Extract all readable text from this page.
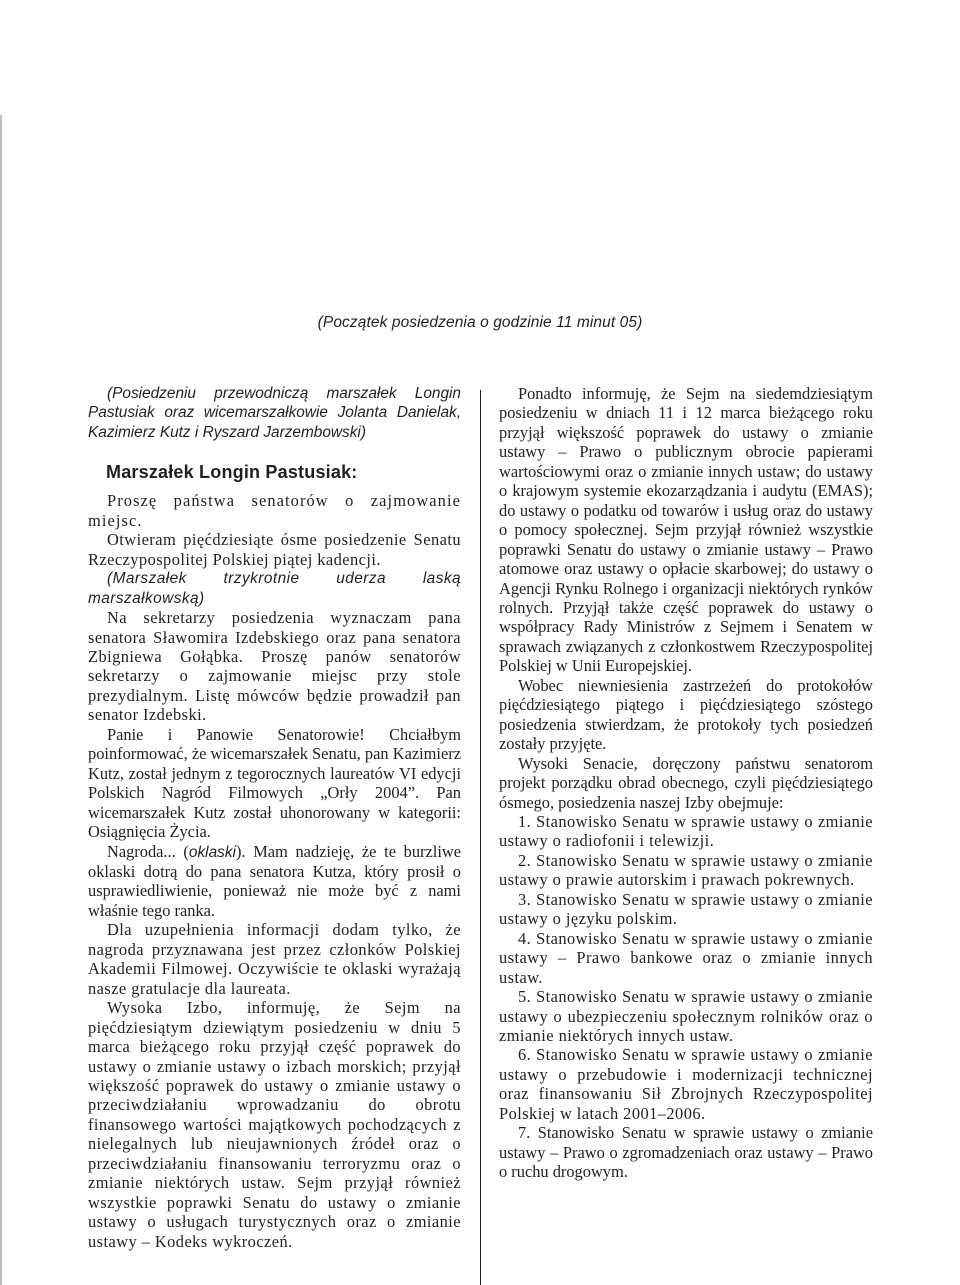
(Początek posiedzenia o godzinie 11 minut 05)

(Posiedzeniu przewodniczą marszałek Longin Pastusiak oraz wicemarszałkowie Jolanta Danielak, Kazimierz Kutz i Ryszard Jarzembowski)

Marszałek Longin Pastusiak:

Proszę państwa senatorów o zajmowanie miejsc.

Otwieram pięćdziesiąte ósme posiedzenie Senatu Rzeczypospolitej Polskiej piątej kadencji.

(Marszałek trzykrotnie uderza laską marszałkowską)

Na sekretarzy posiedzenia wyznaczam pana senatora Sławomira Izdebskiego oraz pana senatora Zbigniewa Gołąbka. Proszę panów senatorów sekretarzy o zajmowanie miejsc przy stole prezydialnym. Listę mówców będzie prowadził pan senator Izdebski.

Panie i Panowie Senatorowie! Chciałbym poinformować, że wicemarszałek Senatu, pan Kazimierz Kutz, został jednym z tegorocznych laureatów VI edycji Polskich Nagród Filmowych „Orły 2004”. Pan wicemarszałek Kutz został uhonorowany w kategorii: Osiągnięcia Życia.

Nagroda... (oklaski). Mam nadzieję, że te burzliwe oklaski dotrą do pana senatora Kutza, który prosił o usprawiedliwienie, ponieważ nie może być z nami właśnie tego ranka.

Dla uzupełnienia informacji dodam tylko, że nagroda przyznawana jest przez członków Polskiej Akademii Filmowej. Oczywiście te oklaski wyrażają nasze gratulacje dla laureata.

Wysoka Izbo, informuję, że Sejm na pięćdziesiątym dziewiątym posiedzeniu w dniu 5 marca bieżącego roku przyjął część poprawek do ustawy o zmianie ustawy o izbach morskich; przyjął większość poprawek do ustawy o zmianie ustawy o przeciwdziałaniu wprowadzaniu do obrotu finansowego wartości majątkowych pochodzących z nielegalnych lub nieujawnionych źródeł oraz o przeciwdziałaniu finansowaniu terroryzmu oraz o zmianie niektórych ustaw. Sejm przyjął również wszystkie poprawki Senatu do ustawy o zmianie ustawy o usługach turystycznych oraz o zmianie ustawy – Kodeks wykroczeń.

Ponadto informuję, że Sejm na siedemdziesiątym posiedzeniu w dniach 11 i 12 marca bieżącego roku przyjął większość poprawek do ustawy o zmianie ustawy – Prawo o publicznym obrocie papierami wartościowymi oraz o zmianie innych ustaw; do ustawy o krajowym systemie ekozarządzania i audytu (EMAS); do ustawy o podatku od towarów i usług oraz do ustawy o pomocy społecznej. Sejm przyjął również wszystkie poprawki Senatu do ustawy o zmianie ustawy – Prawo atomowe oraz ustawy o opłacie skarbowej; do ustawy o Agencji Rynku Rolnego i organizacji niektórych rynków rolnych. Przyjął także część poprawek do ustawy o współpracy Rady Ministrów z Sejmem i Senatem w sprawach związanych z członkostwem Rzeczypospolitej Polskiej w Unii Europejskiej.

Wobec niewniesienia zastrzeżeń do protokołów pięćdziesiątego piątego i pięćdziesiątego szóstego posiedzenia stwierdzam, że protokoły tych posiedzeń zostały przyjęte.

Wysoki Senacie, doręczony państwu senatorom projekt porządku obrad obecnego, czyli pięćdziesiątego ósmego, posiedzenia naszej Izby obejmuje:

1. Stanowisko Senatu w sprawie ustawy o zmianie ustawy o radiofonii i telewizji.

2. Stanowisko Senatu w sprawie ustawy o zmianie ustawy o prawie autorskim i prawach pokrewnych.

3. Stanowisko Senatu w sprawie ustawy o zmianie ustawy o języku polskim.

4. Stanowisko Senatu w sprawie ustawy o zmianie ustawy – Prawo bankowe oraz o zmianie innych ustaw.

5. Stanowisko Senatu w sprawie ustawy o zmianie ustawy o ubezpieczeniu społecznym rolników oraz o zmianie niektórych innych ustaw.

6. Stanowisko Senatu w sprawie ustawy o zmianie ustawy o przebudowie i modernizacji technicznej oraz finansowaniu Sił Zbrojnych Rzeczypospolitej Polskiej w latach 2001–2006.

7. Stanowisko Senatu w sprawie ustawy o zmianie ustawy – Prawo o zgromadzeniach oraz ustawy – Prawo o ruchu drogowym.
